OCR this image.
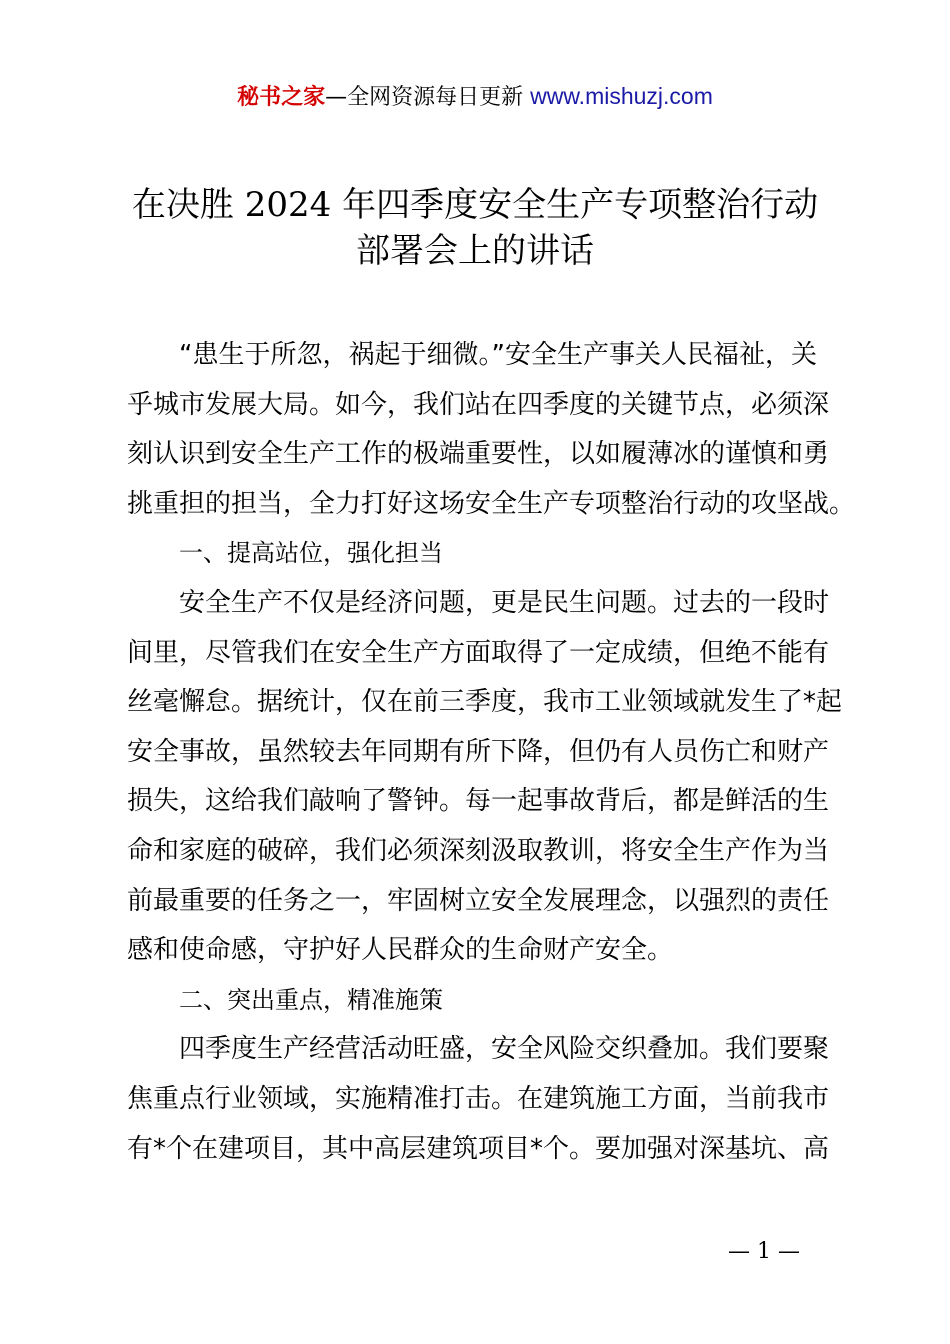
秘书之家—全网资源每日更新 www.mishuzj.com
在决胜 2024 年四季度安全生产专项整治行动
部署会上的讲话
“患生于所忽，祸起于细微。”安全生产事关人民福祉，关
乎城市发展大局。如今，我们站在四季度的关键节点，必须深
刻认识到安全生产工作的极端重要性，以如履薄冰的谨慎和勇
挑重担的担当，全力打好这场安全生产专项整治行动的攻坚战。
一、提高站位，强化担当
安全生产不仅是经济问题，更是民生问题。过去的一段时
间里，尽管我们在安全生产方面取得了一定成绩，但绝不能有
丝毫懈怠。据统计，仅在前三季度，我市工业领域就发生了*起
安全事故，虽然较去年同期有所下降，但仍有人员伤亡和财产
损失，这给我们敲响了警钟。每一起事故背后，都是鲜活的生
命和家庭的破碎，我们必须深刻汲取教训，将安全生产作为当
前最重要的任务之一，牢固树立安全发展理念，以强烈的责任
感和使命感，守护好人民群众的生命财产安全。
二、突出重点，精准施策
四季度生产经营活动旺盛，安全风险交织叠加。我们要聚
焦重点行业领域，实施精准打击。在建筑施工方面，当前我市
有*个在建项目，其中高层建筑项目*个。要加强对深基坑、高
— 1 —
